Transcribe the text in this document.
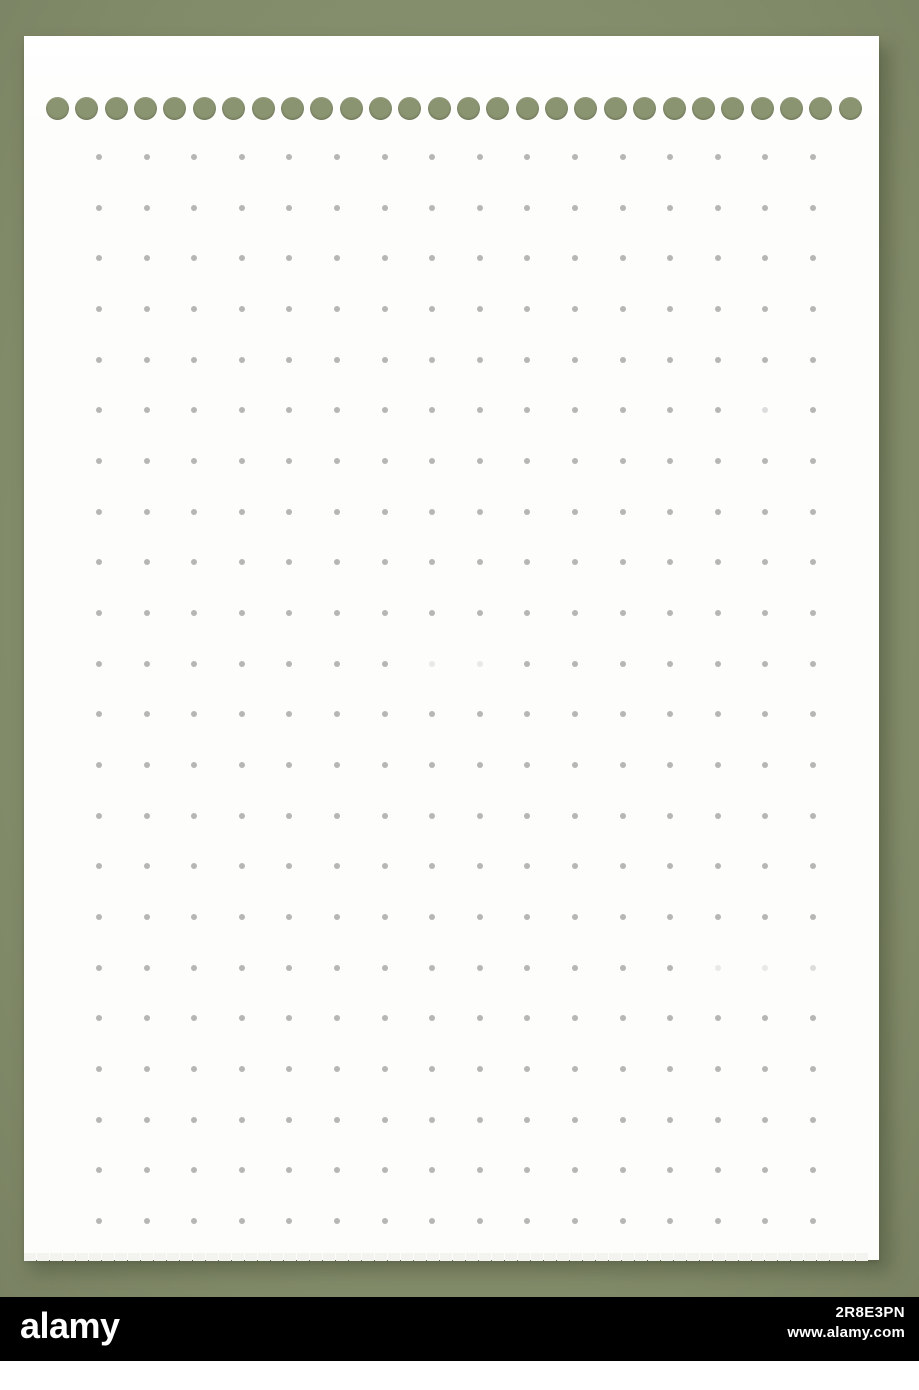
alamy	2R8E3PN
www.alamy.com
